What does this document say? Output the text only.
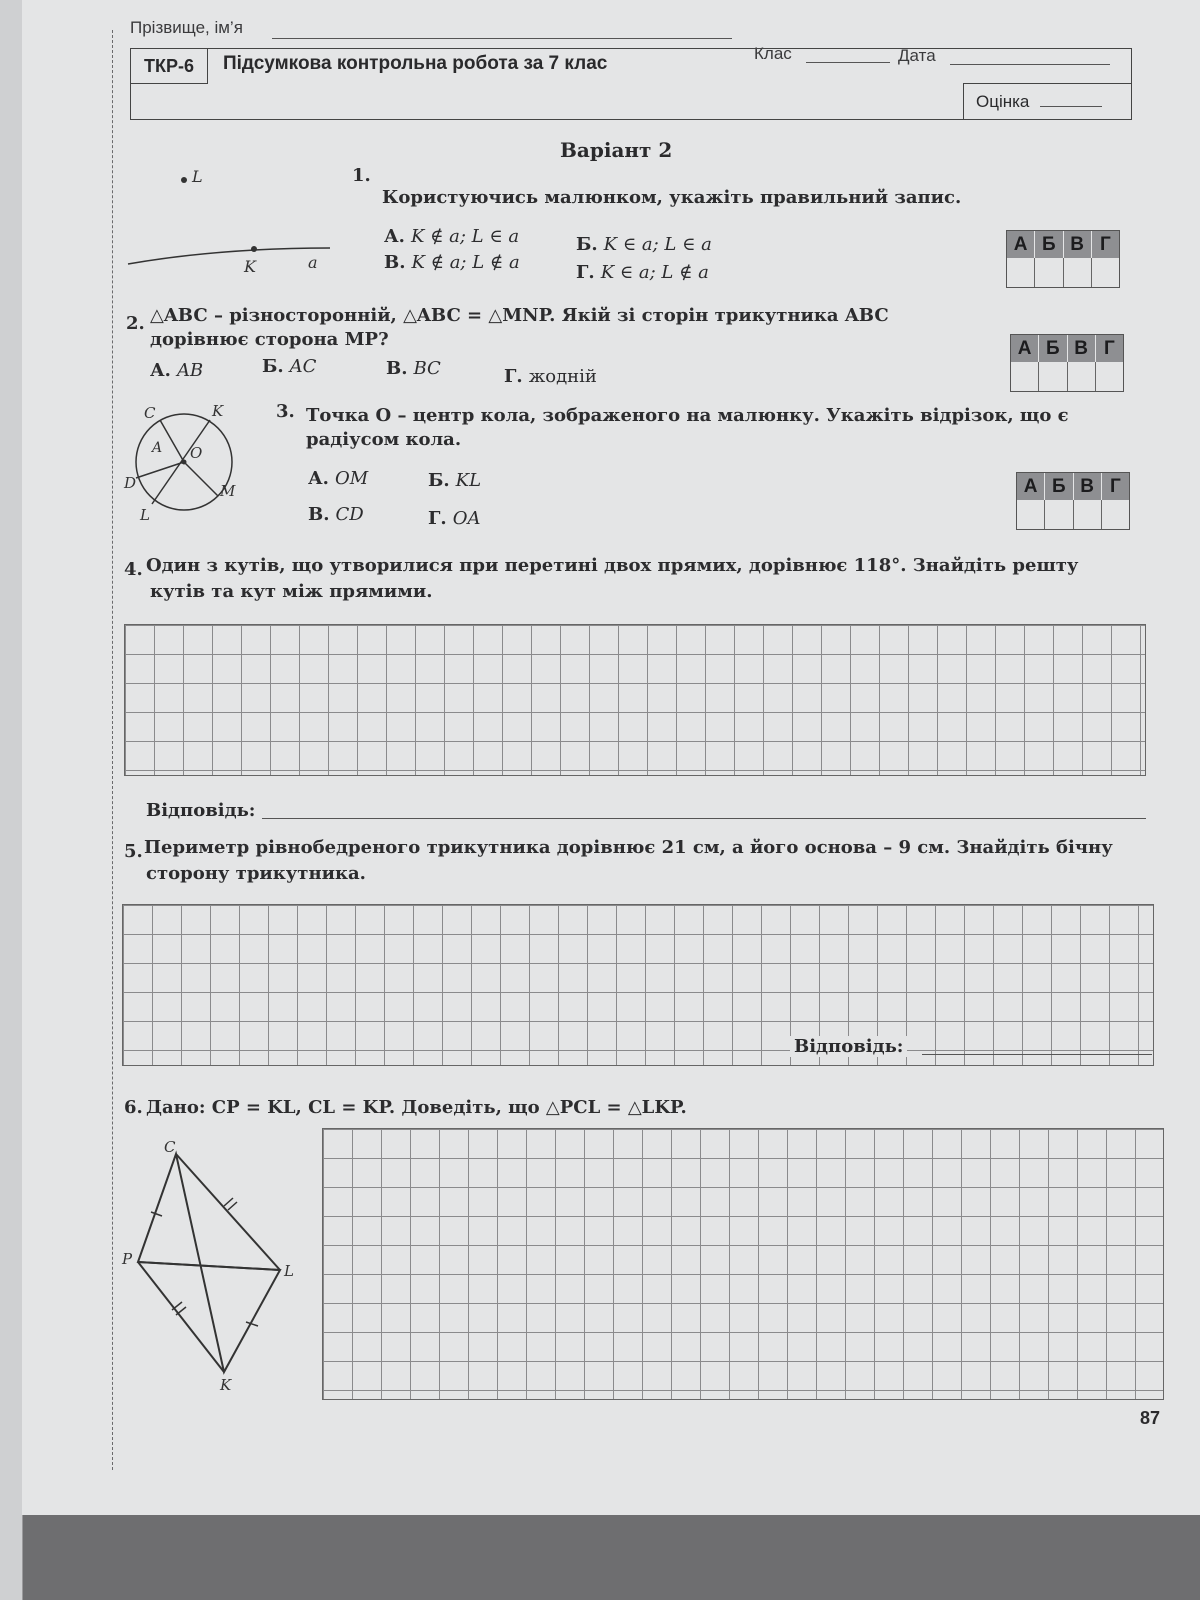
Прізвище, ім’я
Клас	Дата
ТКР-6	Підсумкова контрольна робота за 7 клас
Оцінка
Варіант 2
L
K	a
1.
Користуючись малюнком, укажіть правильний запис.
А. K ∉ a; L ∈ a	Б. K ∈ a; L ∈ a
В. K ∉ a; L ∉ a	Г. K ∈ a; L ∉ a
А Б В Г
2. △ABC – різносторонній, △ABC = △MNP. Якій зі сторін трикутника ABC
дорівнює сторона MP?
А. AB	Б. AC	В. BC	Г. жодній
А Б В Г
C	K
A O
D	M
L
3. Точка O – центр кола, зображеного на малюнку. Укажіть відрізок, що є
радіусом кола.
А. OM	Б. KL
В. CD	Г. OA
А Б В Г
4. Один з кутів, що утворилися при перетині двох прямих, дорівнює 118°. Знайдіть решту
кутів та кут між прямими.
Відповідь:
5. Периметр рівнобедреного трикутника дорівнює 21 см, а його основа – 9 см. Знайдіть бічну
сторону трикутника.
Відповідь:
6. Дано: CP = KL, CL = KP. Доведіть, що △PCL = △LKP.
C
P
L
K
87
